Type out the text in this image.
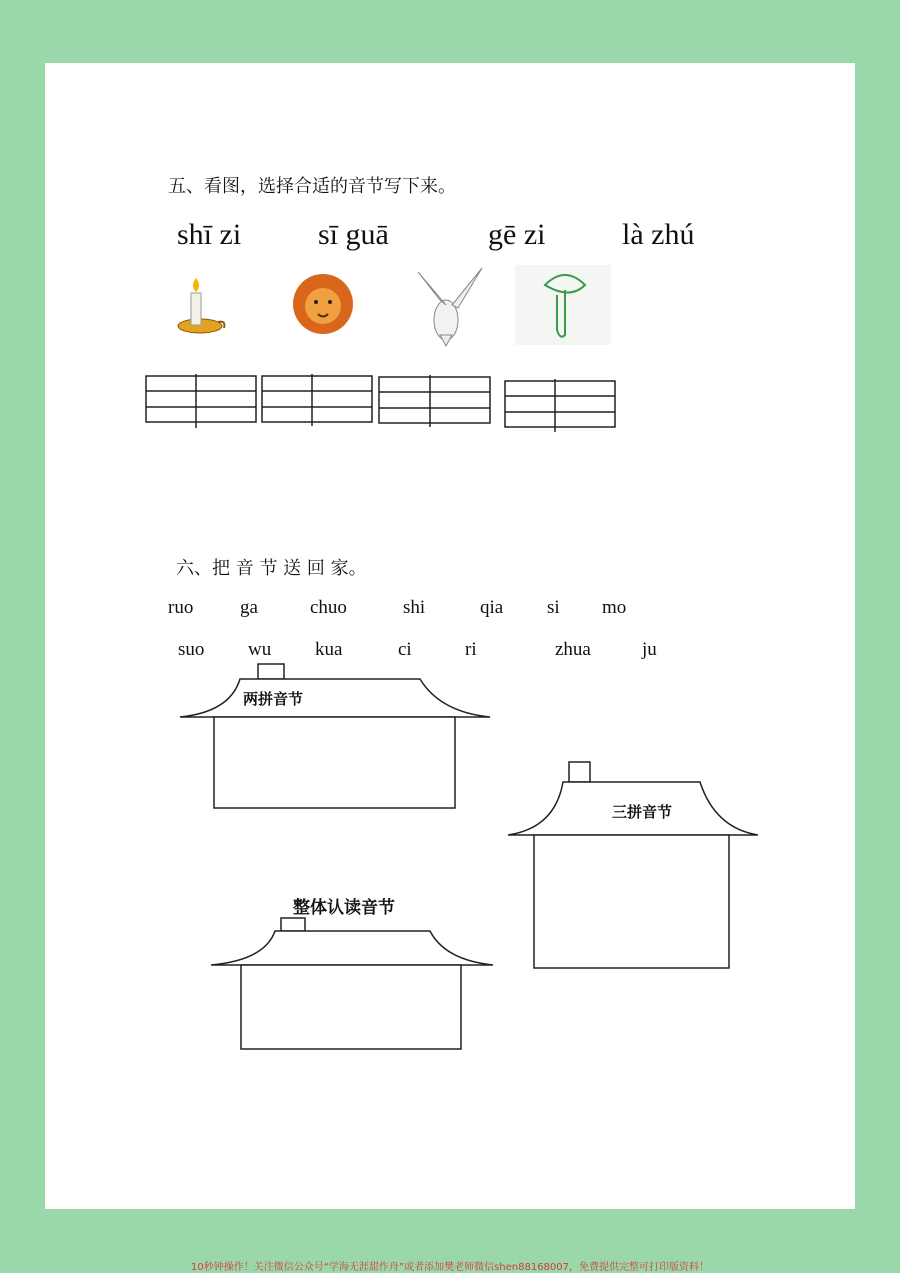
五、看图，选择合适的音节写下来。
shī zi	sī guā	gē zi	là zhú
六、把 音 节 送 回 家。
ruo ga	chuo	shi	qia si mo
suo wu kua	ci	ri	zhua	ju
两拼音节
三拼音节
整体认读音节
10秒钟操作！关注微信公众号“学海无涯甜作舟”或者添加樊老师微信shen88168007，免费提供完整可打印版资料！
